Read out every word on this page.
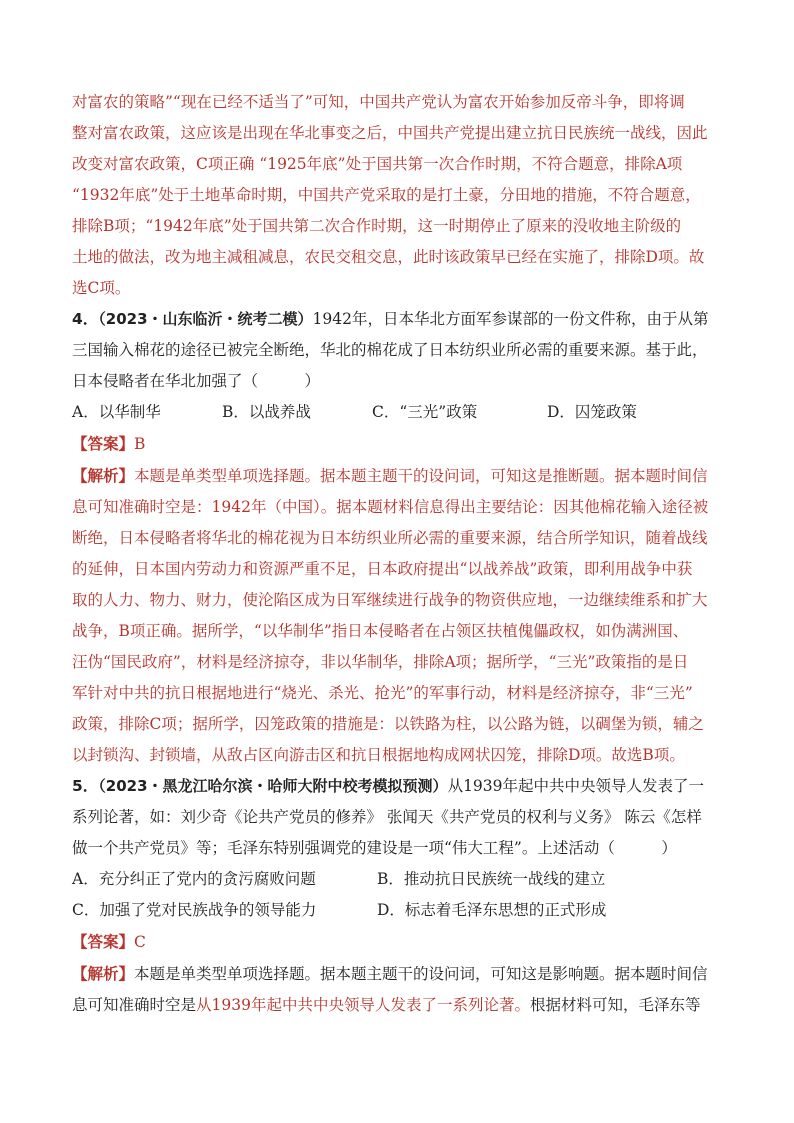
对富农的策略”“现在已经不适当了”可知，中国共产党认为富农开始参加反帝斗争，即将调

整对富农政策，这应该是出现在华北事变之后，中国共产党提出建立抗日民族统一战线，因此

改变对富农政策，C项正确 “1925年底”处于国共第一次合作时期，不符合题意，排除A项

“1932年底”处于土地革命时期，中国共产党采取的是打土豪，分田地的措施，不符合题意，

排除B项；“1942年底”处于国共第二次合作时期，这一时期停止了原来的没收地主阶级的

土地的做法，改为地主减租减息，农民交租交息，此时该政策早已经在实施了，排除D项。故

选C项。

4．（2023・山东临沂・统考二模）1942年，日本华北方面军参谋部的一份文件称，由于从第

三国输入棉花的途径已被完全断绝，华北的棉花成了日本纺织业所必需的重要来源。基于此，

日本侵略者在华北加强了（　　　）

A．以华制华	B．以战养战	C．“三光”政策	D．囚笼政策

【答案】B

【解析】本题是单类型单项选择题。据本题主题干的设问词，可知这是推断题。据本题时间信

息可知准确时空是：1942年（中国）。据本题材料信息得出主要结论：因其他棉花输入途径被

断绝，日本侵略者将华北的棉花视为日本纺织业所必需的重要来源，结合所学知识，随着战线

的延伸，日本国内劳动力和资源严重不足，日本政府提出“以战养战”政策，即利用战争中获

取的人力、物力、财力，使沦陷区成为日军继续进行战争的物资供应地，一边继续维系和扩大

战争，B项正确。据所学，“以华制华”指日本侵略者在占领区扶植傀儡政权，如伪满洲国、

汪伪“国民政府”，材料是经济掠夺，非以华制华，排除A项；据所学，“三光”政策指的是日

军针对中共的抗日根据地进行“烧光、杀光、抢光”的军事行动，材料是经济掠夺，非“三光”

政策，排除C项；据所学，囚笼政策的措施是：以铁路为柱，以公路为链，以碉堡为锁，辅之

以封锁沟、封锁墙，从敌占区向游击区和抗日根据地构成网状囚笼，排除D项。故选B项。

5．（2023・黑龙江哈尔滨・哈师大附中校考模拟预测）从1939年起中共中央领导人发表了一

系列论著，如：刘少奇《论共产党员的修养》 张闻天《共产党员的权利与义务》 陈云《怎样

做一个共产党员》等；毛泽东特别强调党的建设是一项“伟大工程”。上述活动（　　　）

A．充分纠正了党内的贪污腐败问题	B．推动抗日民族统一战线的建立
C．加强了党对民族战争的领导能力	D．标志着毛泽东思想的正式形成

【答案】C

【解析】本题是单类型单项选择题。据本题主题干的设问词，可知这是影响题。据本题时间信

息可知准确时空是从1939年起中共中央领导人发表了一系列论著。根据材料可知，毛泽东等
